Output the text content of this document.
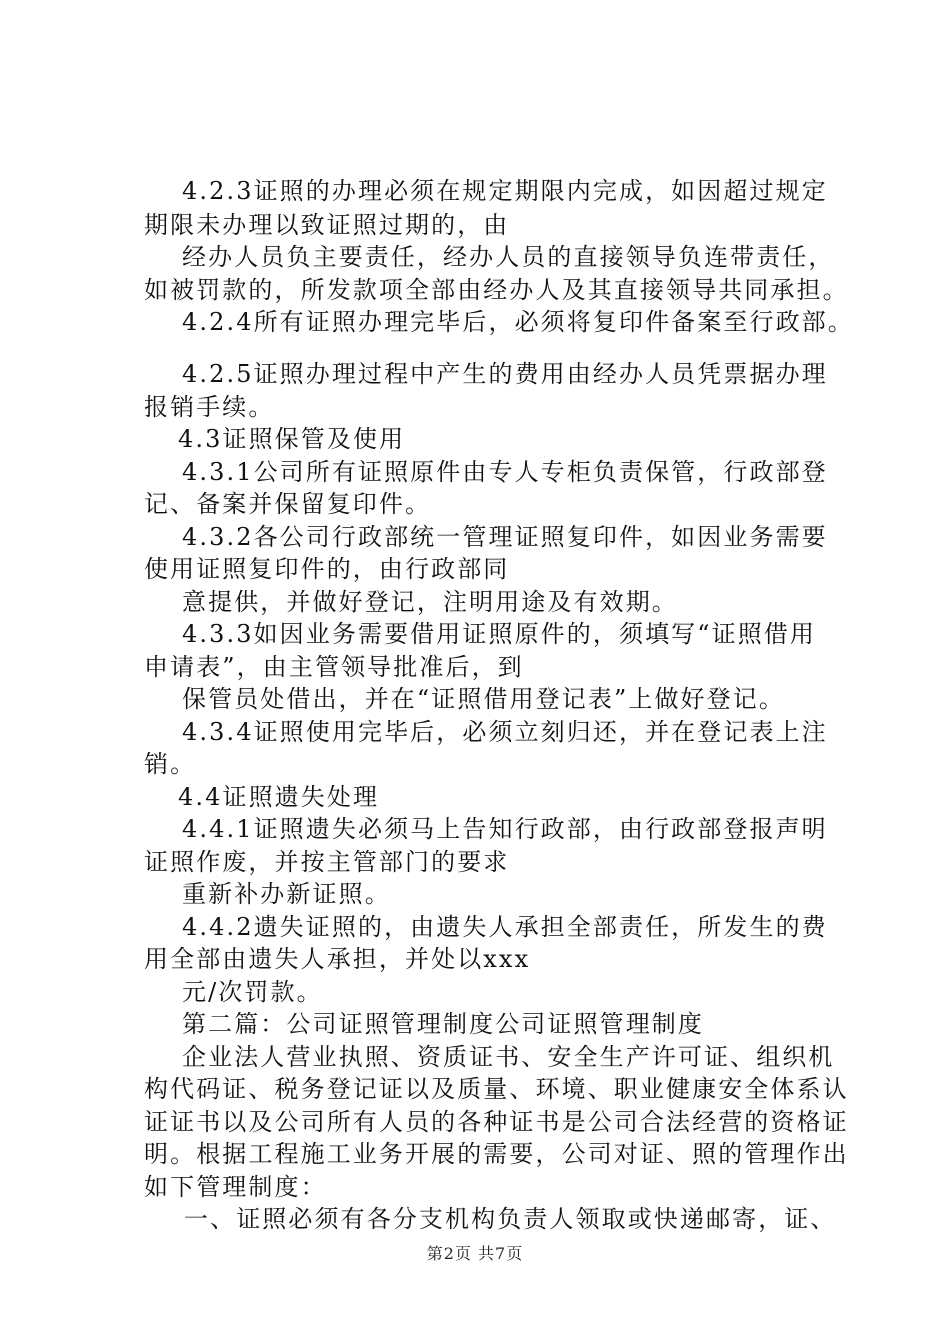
4.2.3证照的办理必须在规定期限内完成，如因超过规定
期限未办理以致证照过期的，由
经办人员负主要责任，经办人员的直接领导负连带责任，
如被罚款的，所发款项全部由经办人及其直接领导共同承担。
4.2.4所有证照办理完毕后，必须将复印件备案至行政部。
4.2.5证照办理过程中产生的费用由经办人员凭票据办理
报销手续。
4.3证照保管及使用
4.3.1公司所有证照原件由专人专柜负责保管，行政部登
记、备案并保留复印件。
4.3.2各公司行政部统一管理证照复印件，如因业务需要
使用证照复印件的，由行政部同
意提供，并做好登记，注明用途及有效期。
4.3.3如因业务需要借用证照原件的，须填写“证照借用
申请表”，由主管领导批准后，到
保管员处借出，并在“证照借用登记表”上做好登记。
4.3.4证照使用完毕后，必须立刻归还，并在登记表上注
销。
4.4证照遗失处理
4.4.1证照遗失必须马上告知行政部，由行政部登报声明
证照作废，并按主管部门的要求
重新补办新证照。
4.4.2遗失证照的，由遗失人承担全部责任，所发生的费
用全部由遗失人承担，并处以xxx
元/次罚款。
第二篇：公司证照管理制度公司证照管理制度
企业法人营业执照、资质证书、安全生产许可证、组织机
构代码证、税务登记证以及质量、环境、职业健康安全体系认
证证书以及公司所有人员的各种证书是公司合法经营的资格证
明。根据工程施工业务开展的需要，公司对证、照的管理作出
如下管理制度：
一、证照必须有各分支机构负责人领取或快递邮寄，证、
第2页 共7页
